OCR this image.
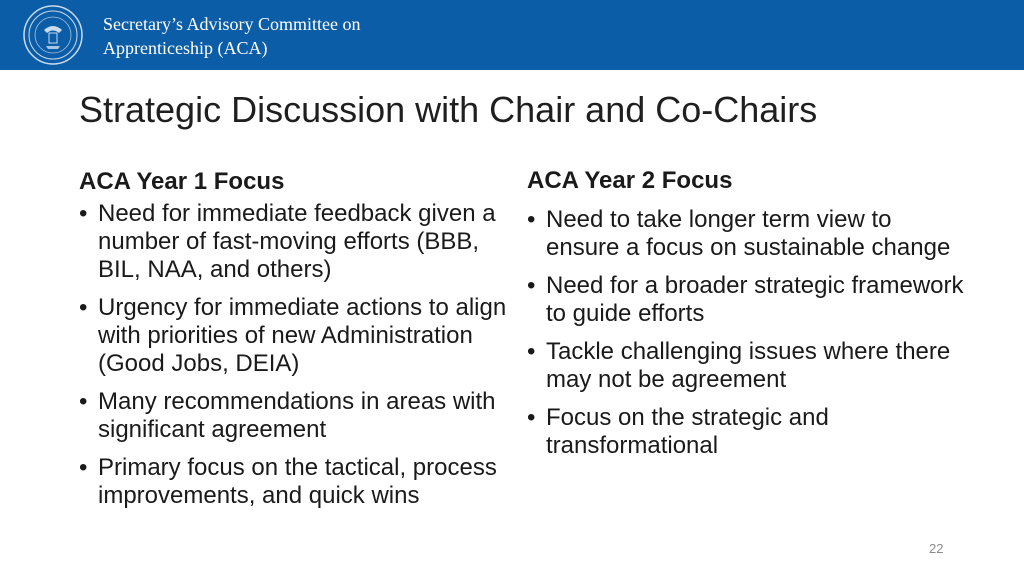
Secretary’s Advisory Committee on
Apprenticeship (ACA)
Strategic Discussion with Chair and Co-Chairs
ACA Year 1 Focus
• Need for immediate feedback given a number of fast-moving efforts (BBB, BIL, NAA, and others)
• Urgency for immediate actions to align with priorities of new Administration (Good Jobs, DEIA)
• Many recommendations in areas with significant agreement
• Primary focus on the tactical, process improvements, and quick wins
ACA Year 2 Focus
• Need to take longer term view to ensure a focus on sustainable change
• Need for a broader strategic framework to guide efforts
• Tackle challenging issues where there may not be agreement
• Focus on the strategic and transformational
22
